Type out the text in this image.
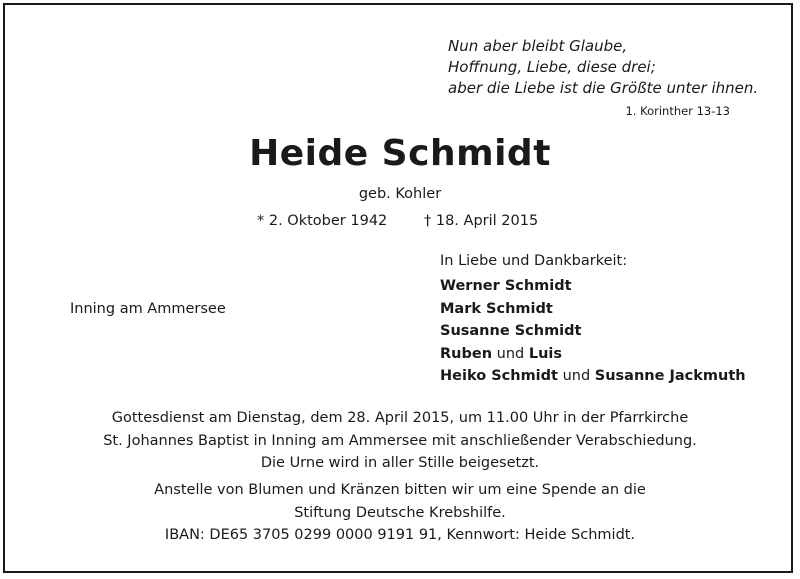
Nun aber bleibt Glaube,
Hoffnung, Liebe, diese drei;
aber die Liebe ist die Größte unter ihnen.
1. Korinther 13-13
Heide Schmidt
geb. Kohler
* 2. Oktober 1942	† 18. April 2015
Inning am Ammersee
In Liebe und Dankbarkeit:
Werner Schmidt
Mark Schmidt
Susanne Schmidt
Ruben und Luis
Heiko Schmidt und Susanne Jackmuth
Gottesdienst am Dienstag, dem 28. April 2015, um 11.00 Uhr in der Pfarrkirche
St. Johannes Baptist in Inning am Ammersee mit anschließender Verabschiedung.
Die Urne wird in aller Stille beigesetzt.
Anstelle von Blumen und Kränzen bitten wir um eine Spende an die
Stiftung Deutsche Krebshilfe.
IBAN: DE65 3705 0299 0000 9191 91, Kennwort: Heide Schmidt.
